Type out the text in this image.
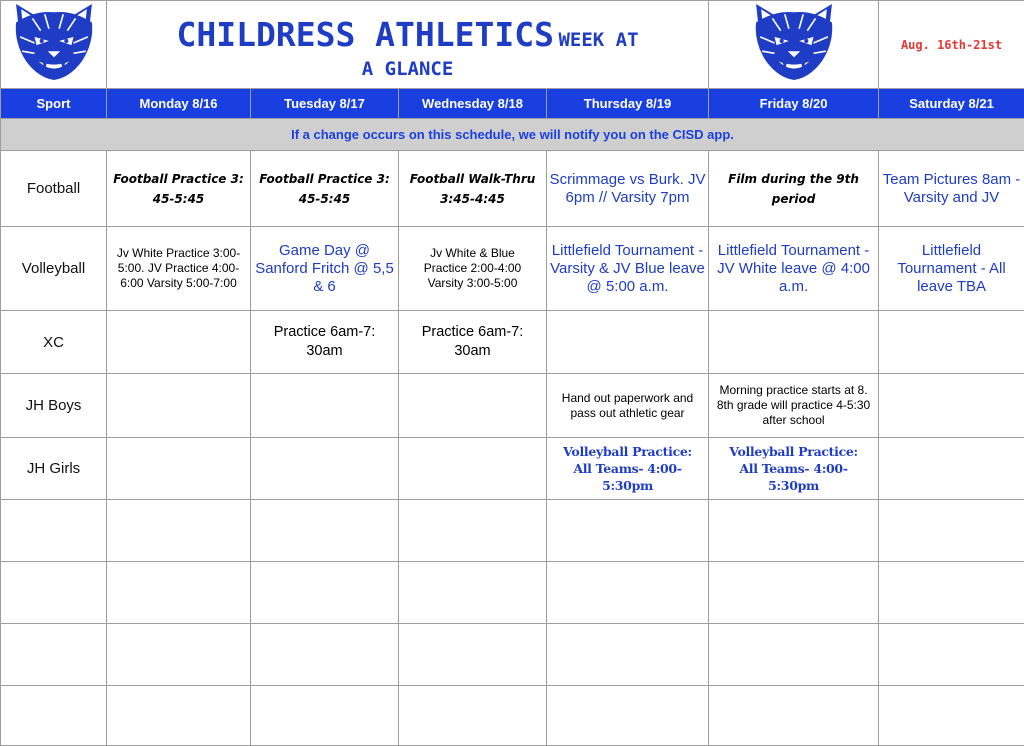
	CHILDRESS ATHLETICS WEEK AT
A GLANCE					Aug. 16th-21st
Sport	Monday 8/16	Tuesday 8/17	Wednesday 8/18	Thursday 8/19	Friday 8/20	Saturday 8/21
If a change occurs on this schedule, we will notify you on the CISD app.						
Football	Football Practice 3: 45-5:45	Football Practice 3: 45-5:45	Football Walk-Thru 3:45-4:45	Scrimmage vs Burk. JV 6pm // Varsity 7pm	Film during the 9th period	Team Pictures 8am - Varsity and JV
Volleyball	Jv White Practice 3:00-5:00. JV Practice 4:00-6:00 Varsity 5:00-7:00	Game Day @ Sanford Fritch @ 5,5 & 6	Jv White & Blue Practice 2:00-4:00 Varsity 3:00-5:00	Littlefield Tournament - Varsity & JV Blue leave @ 5:00 a.m.	Littlefield Tournament - JV White leave @ 4:00 a.m.	Littlefield Tournament - All leave TBA
XC		Practice 6am-7: 30am	Practice 6am-7: 30am			
JH Boys				Hand out paperwork and pass out athletic gear	Morning practice starts at 8. 8th grade will practice 4-5:30 after school	
JH Girls				Volleyball Practice: All Teams- 4:00-5:30pm	Volleyball Practice: All Teams- 4:00-5:30pm	
